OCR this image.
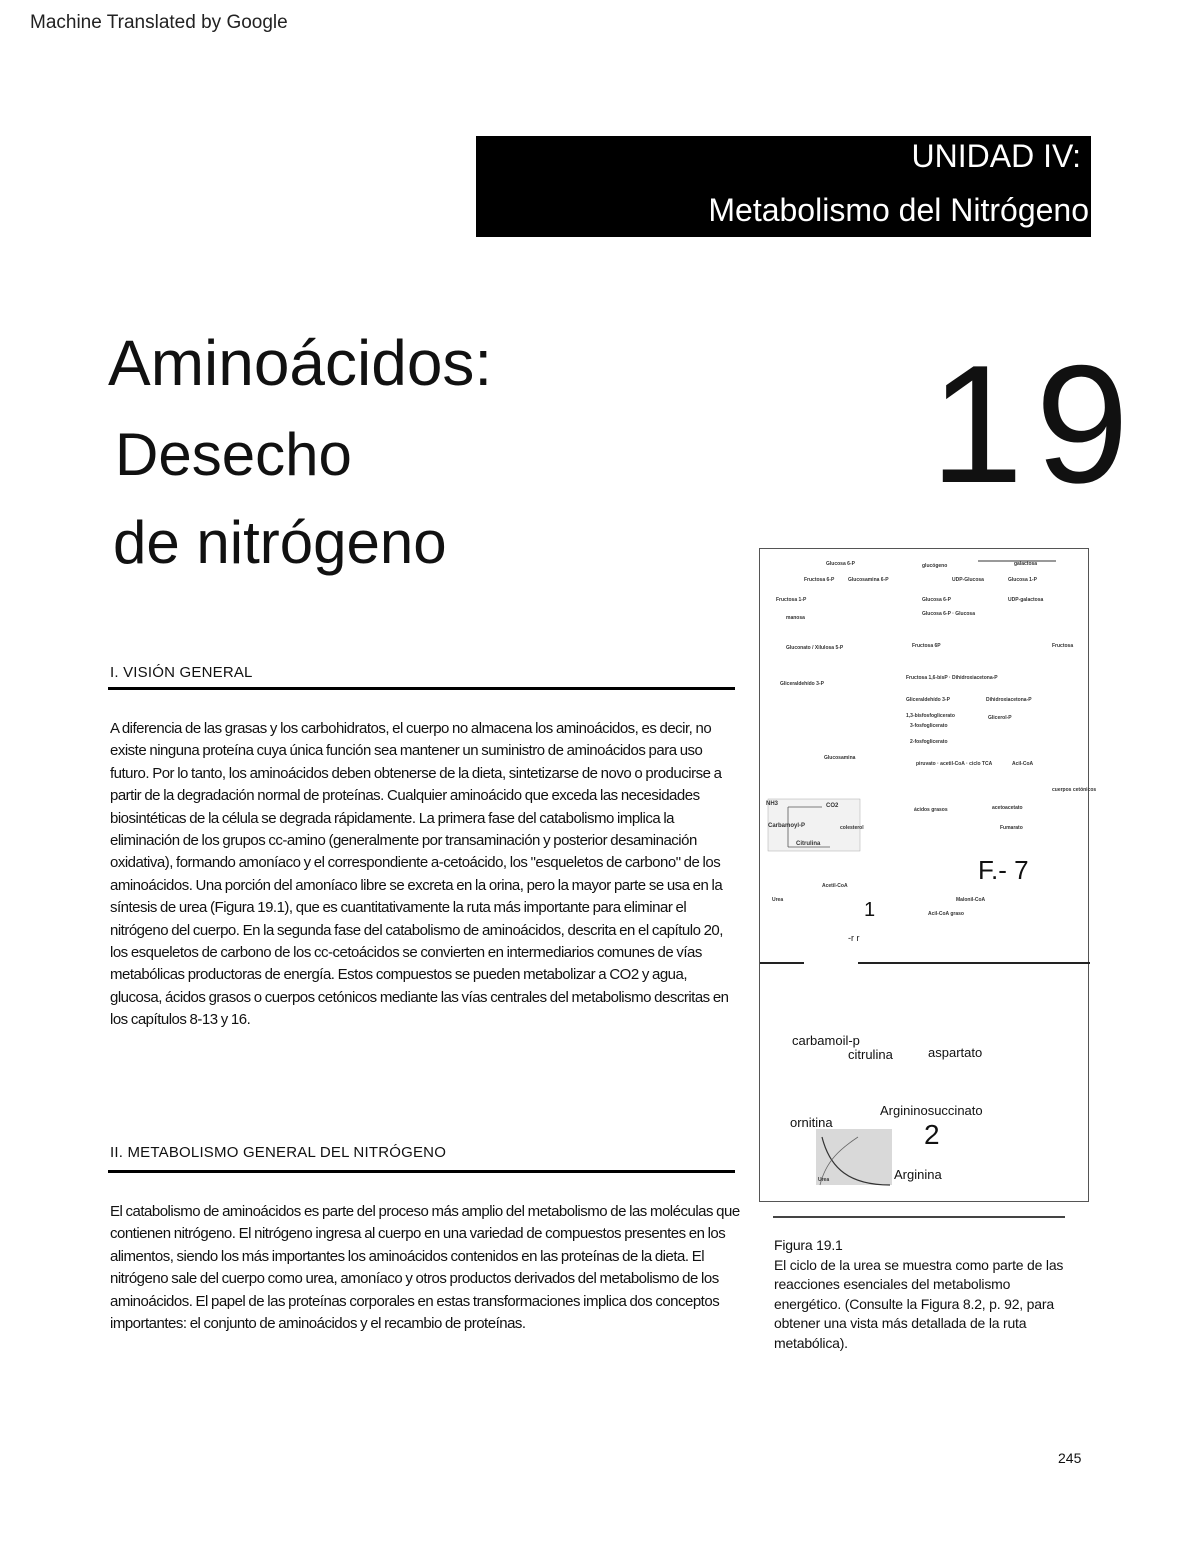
Machine Translated by Google
UNIDAD IV:
Metabolismo del Nitrógeno
Aminoácidos:
Desecho
de nitrógeno
19
I. VISIÓN GENERAL
A diferencia de las grasas y los carbohidratos, el cuerpo no almacena los aminoácidos, es decir, no existe ninguna proteína cuya única función sea mantener un suministro de aminoácidos para uso futuro. Por lo tanto, los aminoácidos deben obtenerse de la dieta, sintetizarse de novo o producirse a partir de la degradación normal de proteínas. Cualquier aminoácido que exceda las necesidades biosintéticas de la célula se degrada rápidamente. La primera fase del catabolismo implica la eliminación de los grupos cc-amino (generalmente por transaminación y posterior desaminación oxidativa), formando amoníaco y el correspondiente a-cetoácido, los "esqueletos de carbono" de los aminoácidos. Una porción del amoníaco libre se excreta en la orina, pero la mayor parte se usa en la síntesis de urea (Figura 19.1), que es cuantitativamente la ruta más importante para eliminar el nitrógeno del cuerpo. En la segunda fase del catabolismo de aminoácidos, descrita en el capítulo 20, los esqueletos de carbono de los cc-cetoácidos se convierten en intermediarios comunes de vías metabólicas productoras de energía. Estos compuestos se pueden metabolizar a CO2 y agua, glucosa, ácidos grasos o cuerpos cetónicos mediante las vías centrales del metabolismo descritas en los capítulos 8-13 y 16.
II. METABOLISMO GENERAL DEL NITRÓGENO
El catabolismo de aminoácidos es parte del proceso más amplio del metabolismo de las moléculas que contienen nitrógeno. El nitrógeno ingresa al cuerpo en una variedad de compuestos presentes en los alimentos, siendo los más importantes los aminoácidos contenidos en las proteínas de la dieta. El nitrógeno sale del cuerpo como urea, amoníaco y otros productos derivados del metabolismo de los aminoácidos. El papel de las proteínas corporales en estas transformaciones implica dos conceptos importantes: el conjunto de aminoácidos y el recambio de proteínas.
Glucosa 6-P	glucógeno	galactosa
Fructosa 6-P	Glucosamina 6-P	UDP-Glucosa	Glucosa 1-P
Fructosa 1-P	Glucosa 6-P	UDP-galactosa
manosa
Glucosa 6-P · Glucosa
Gluconato / Xilulosa 5-P	Fructosa 6P	Fructosa
Fructosa 1,6-bisP · Dihidroxiacetona-P
Gliceraldehído 3-P
Gliceraldehído 3-P	Dihidroxiacetona-P
1,3-bisfosfoglicerato	Glicerol-P
3-fosfoglicerato
2-fosfoglicerato
piruvato · acetil-CoA · ciclo TCA	Acil-CoA
cuerpos cetónicos
Glucosamina
ácidos grasos
NH3	CO2
Carbamoyl-P
Citrulina
colesterol
acetoacetato
Fumarato
Urea
Acetil-CoA
Malonil-CoA
Acil-CoA graso
F.- 7
1
-r r
carbamoil-p
citrulina	aspartato
Argininosuccinato
ornitina	2
Arginina
Urea
Figura 19.1
El ciclo de la urea se muestra como parte de las reacciones esenciales del metabolismo energético. (Consulte la Figura 8.2, p. 92, para obtener una vista más detallada de la ruta metabólica).
245
